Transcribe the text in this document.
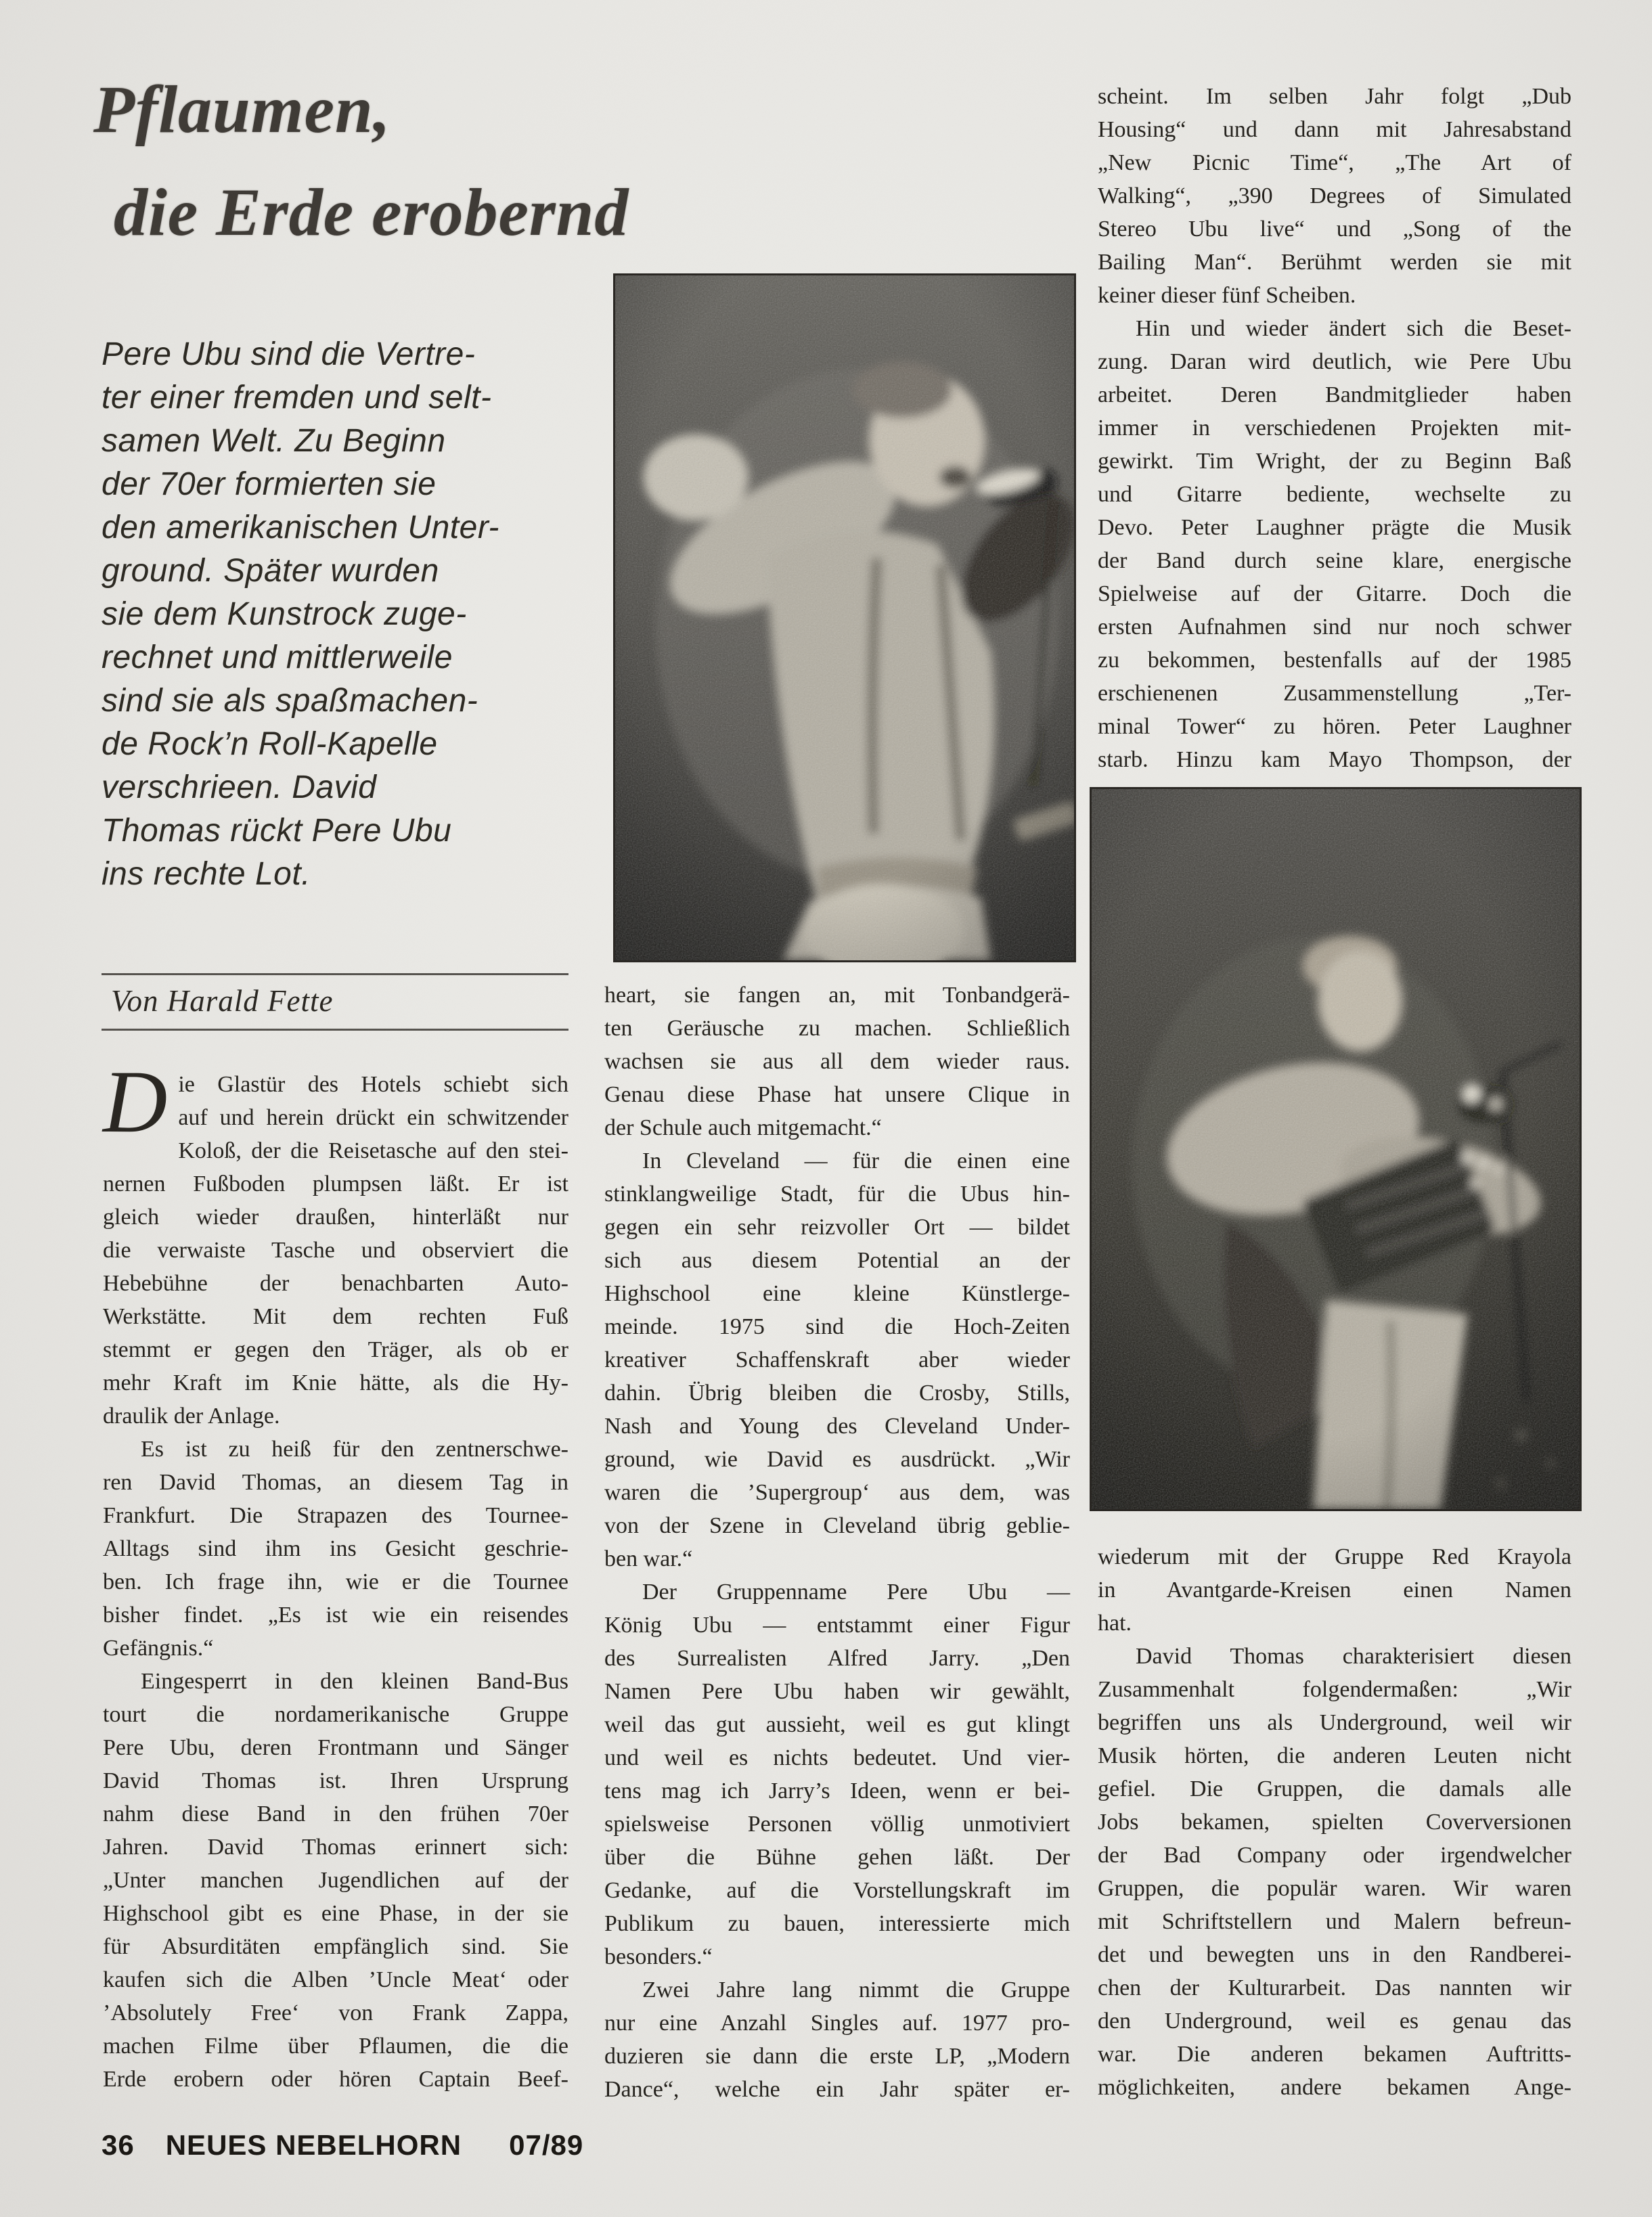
Pflaumen,
die Erde erobernd
Pere Ubu sind die Vertre-
ter einer fremden und selt-
samen Welt. Zu Beginn
der 70er formierten sie
den amerikanischen Unter-
ground. Später wurden
sie dem Kunstrock zuge-
rechnet und mittlerweile
sind sie als spaßmachen-
de Rock’n Roll-Kapelle
verschrieen. David
Thomas rückt Pere Ubu
ins rechte Lot.
Von Harald Fette
D ie Glastür des Hotels schiebt sich
auf und herein drückt ein schwitzender
Koloß, der die Reisetasche auf den stei-
nernen Fußboden plumpsen läßt. Er ist
gleich wieder draußen, hinterläßt nur
die verwaiste Tasche und observiert die
Hebebühne der benachbarten Auto-
Werkstätte. Mit dem rechten Fuß
stemmt er gegen den Träger, als ob er
mehr Kraft im Knie hätte, als die Hy-
draulik der Anlage.
Es ist zu heiß für den zentnerschwe-
ren David Thomas, an diesem Tag in
Frankfurt. Die Strapazen des Tournee-
Alltags sind ihm ins Gesicht geschrie-
ben. Ich frage ihn, wie er die Tournee
bisher findet. „Es ist wie ein reisendes
Gefängnis.“
Eingesperrt in den kleinen Band-Bus
tourt die nordamerikanische Gruppe
Pere Ubu, deren Frontmann und Sänger
David Thomas ist. Ihren Ursprung
nahm diese Band in den frühen 70er
Jahren. David Thomas erinnert sich:
„Unter manchen Jugendlichen auf der
Highschool gibt es eine Phase, in der sie
für Absurditäten empfänglich sind. Sie
kaufen sich die Alben ’Uncle Meat‘ oder
’Absolutely Free‘ von Frank Zappa,
machen Filme über Pflaumen, die die
Erde erobern oder hören Captain Beef-
heart, sie fangen an, mit Tonbandgerä-
ten Geräusche zu machen. Schließlich
wachsen sie aus all dem wieder raus.
Genau diese Phase hat unsere Clique in
der Schule auch mitgemacht.“
In Cleveland — für die einen eine
stinklangweilige Stadt, für die Ubus hin-
gegen ein sehr reizvoller Ort — bildet
sich aus diesem Potential an der
Highschool eine kleine Künstlerge-
meinde. 1975 sind die Hoch-Zeiten
kreativer Schaffenskraft aber wieder
dahin. Übrig bleiben die Crosby, Stills,
Nash and Young des Cleveland Under-
ground, wie David es ausdrückt. „Wir
waren die ’Supergroup‘ aus dem, was
von der Szene in Cleveland übrig geblie-
ben war.“
Der Gruppenname Pere Ubu —
König Ubu — entstammt einer Figur
des Surrealisten Alfred Jarry. „Den
Namen Pere Ubu haben wir gewählt,
weil das gut aussieht, weil es gut klingt
und weil es nichts bedeutet. Und vier-
tens mag ich Jarry’s Ideen, wenn er bei-
spielsweise Personen völlig unmotiviert
über die Bühne gehen läßt. Der
Gedanke, auf die Vorstellungskraft im
Publikum zu bauen, interessierte mich
besonders.“
Zwei Jahre lang nimmt die Gruppe
nur eine Anzahl Singles auf. 1977 pro-
duzieren sie dann die erste LP, „Modern
Dance“, welche ein Jahr später er-
scheint. Im selben Jahr folgt „Dub
Housing“ und dann mit Jahresabstand
„New Picnic Time“, „The Art of
Walking“, „390 Degrees of Simulated
Stereo Ubu live“ und „Song of the
Bailing Man“. Berühmt werden sie mit
keiner dieser fünf Scheiben.
Hin und wieder ändert sich die Beset-
zung. Daran wird deutlich, wie Pere Ubu
arbeitet. Deren Bandmitglieder haben
immer in verschiedenen Projekten mit-
gewirkt. Tim Wright, der zu Beginn Baß
und Gitarre bediente, wechselte zu
Devo. Peter Laughner prägte die Musik
der Band durch seine klare, energische
Spielweise auf der Gitarre. Doch die
ersten Aufnahmen sind nur noch schwer
zu bekommen, bestenfalls auf der 1985
erschienenen Zusammenstellung „Ter-
minal Tower“ zu hören. Peter Laughner
starb. Hinzu kam Mayo Thompson, der
wiederum mit der Gruppe Red Krayola
in Avantgarde-Kreisen einen Namen
hat.
David Thomas charakterisiert diesen
Zusammenhalt folgendermaßen: „Wir
begriffen uns als Underground, weil wir
Musik hörten, die anderen Leuten nicht
gefiel. Die Gruppen, die damals alle
Jobs bekamen, spielten Coverversionen
der Bad Company oder irgendwelcher
Gruppen, die populär waren. Wir waren
mit Schriftstellern und Malern befreun-
det und bewegten uns in den Randberei-
chen der Kulturarbeit. Das nannten wir
den Underground, weil es genau das
war. Die anderen bekamen Auftritts-
möglichkeiten, andere bekamen Ange-
36 NEUES NEBELHORN 07/89
